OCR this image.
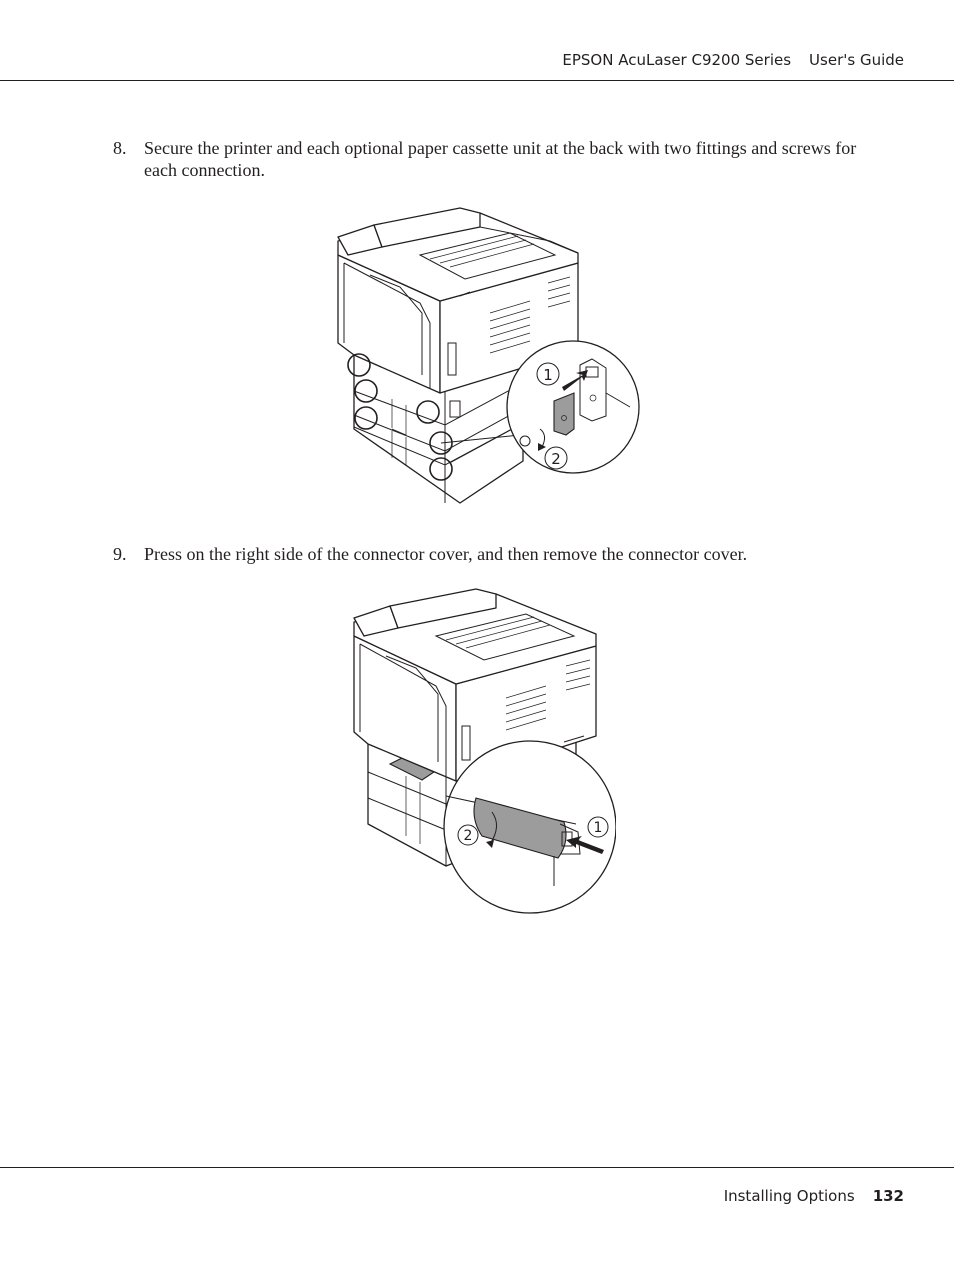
EPSON AcuLaser C9200 Series User's Guide
8. Secure the printer and each optional paper cassette unit at the back with two fittings and screws for each connection.
1
2
9. Press on the right side of the connector cover, and then remove the connector cover.
1
2
Installing Options 132
